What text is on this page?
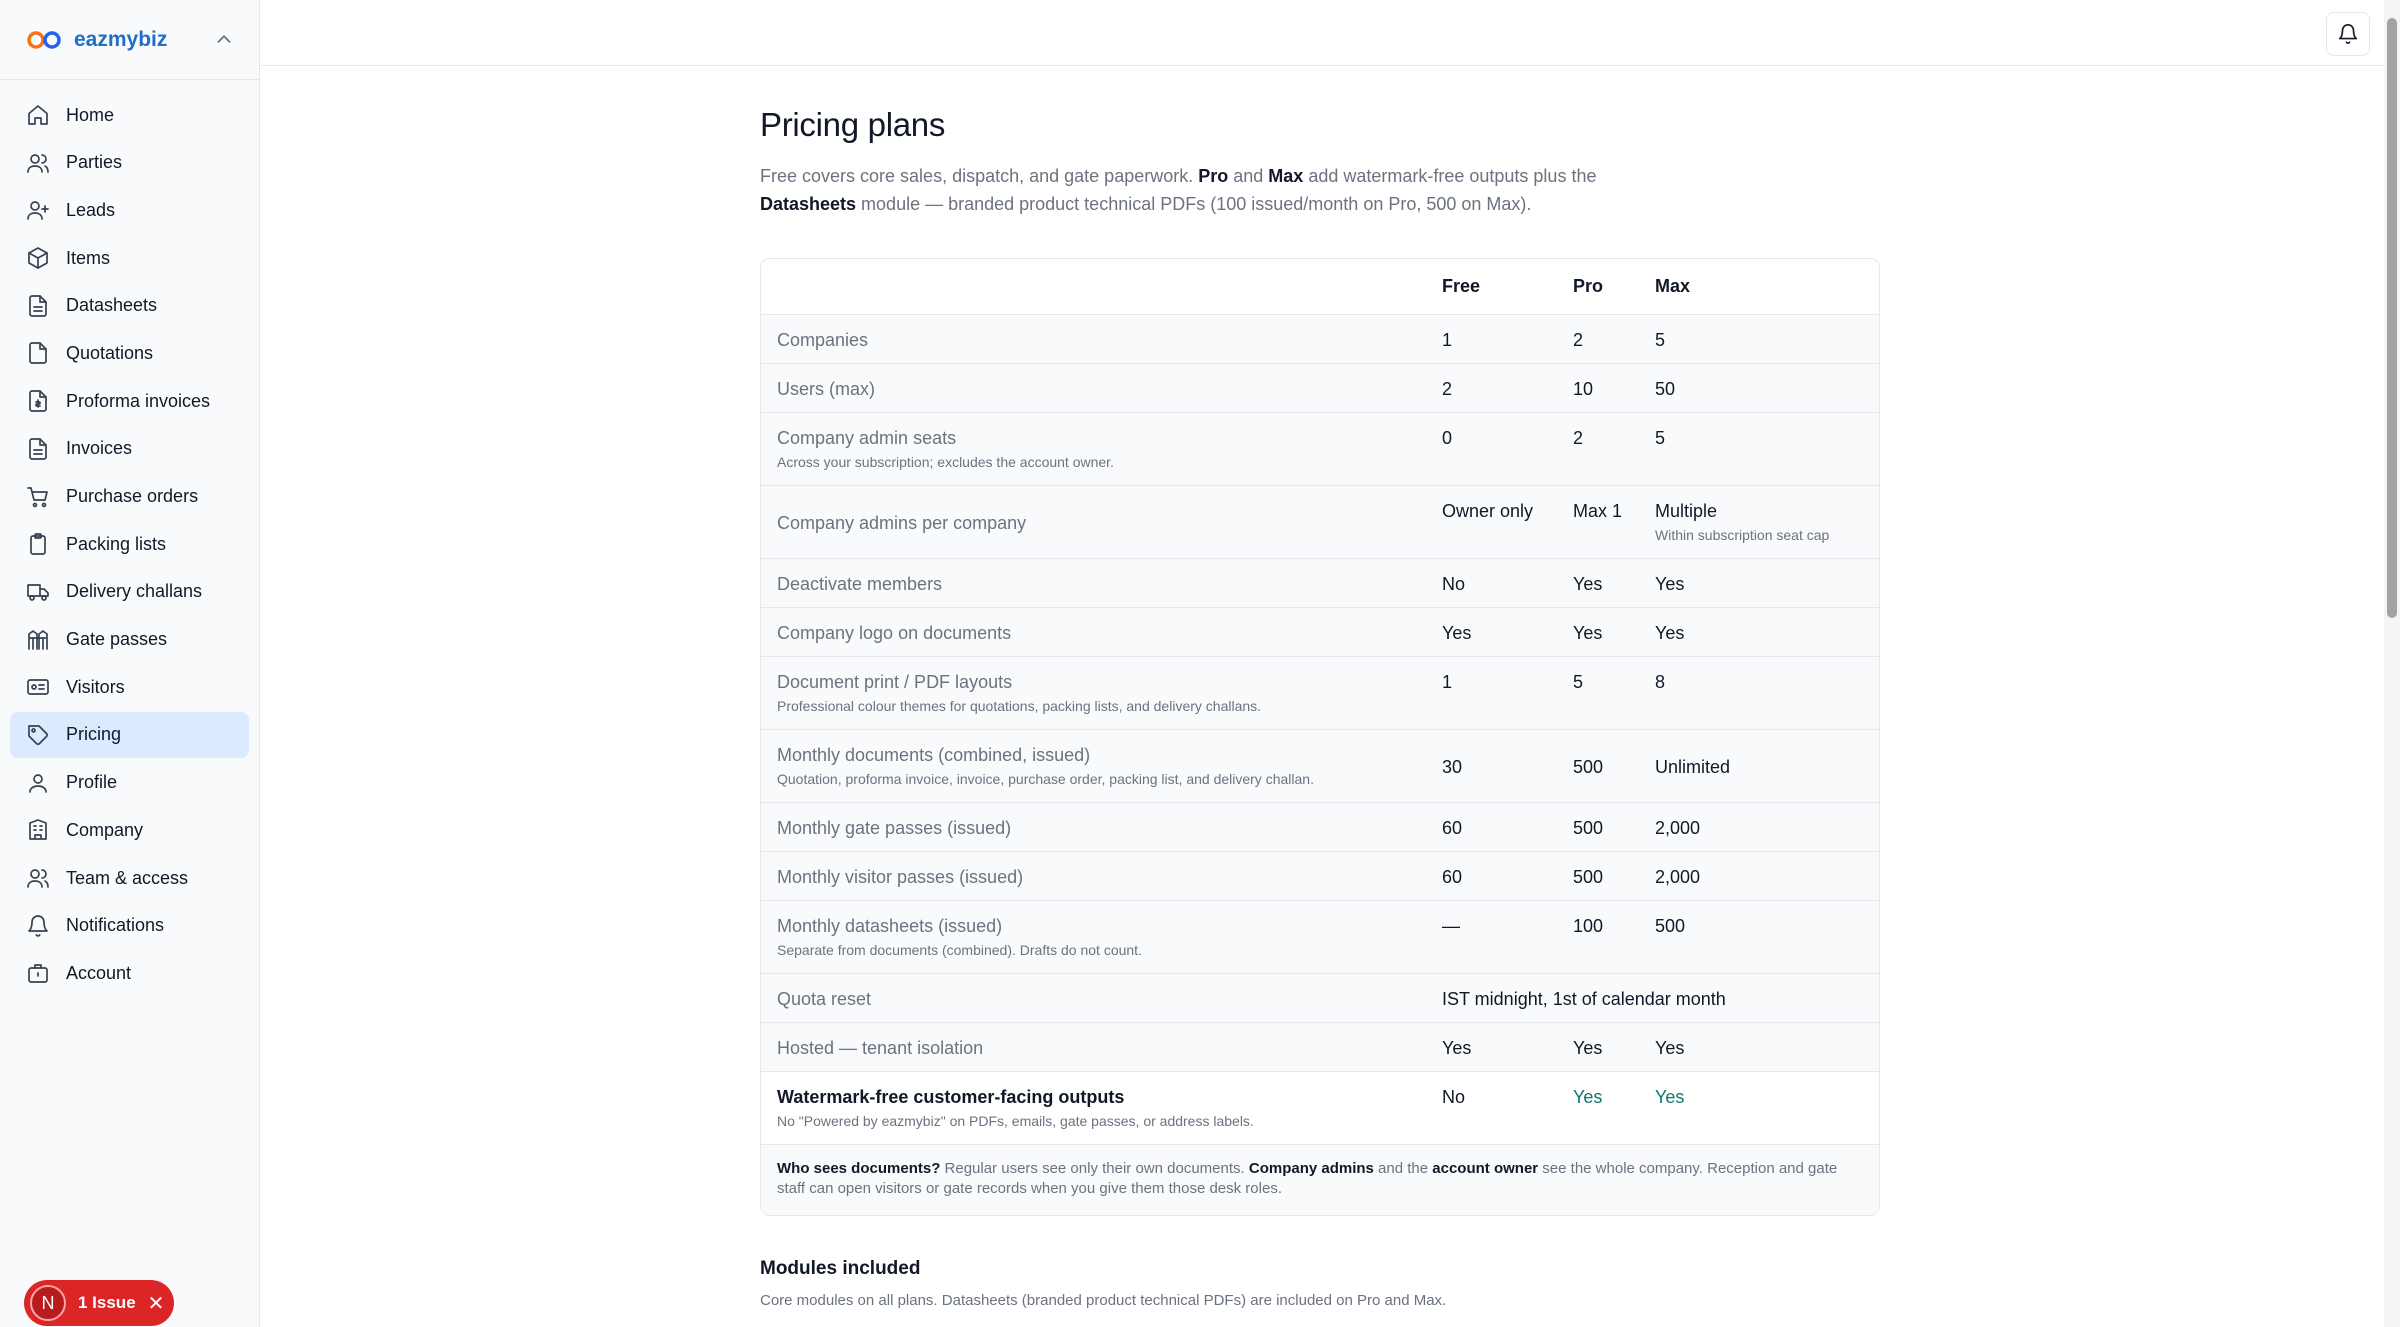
eazmybiz
Home
Parties
Leads
Items
Datasheets
Quotations
Proforma invoices
Invoices
Purchase orders
Packing lists
Delivery challans
Gate passes
Visitors
Pricing
Profile
Company
Team & access
Notifications
Account
N	1 Issue ✕
Pricing plans

Free covers core sales, dispatch, and gate paperwork. Pro and Max add watermark-free outputs plus the Datasheets module — branded product technical PDFs (100 issued/month on Pro, 500 on Max).

	Free	Pro	Max
Companies	1	2	5
Users (max)	2	10	50
Company admin seats
Across your subscription; excludes the account owner.	0	2	5
Company admins per company	Owner only	Max 1	Multiple
Within subscription seat cap

Deactivate members	No	Yes	Yes
Company logo on documents	Yes	Yes	Yes
Document print / PDF layouts
Professional colour themes for quotations, packing lists, and delivery challans.	1	5	8
Monthly documents (combined, issued)
Quotation, proforma invoice, invoice, purchase order, packing list, and delivery challan.	30	500	Unlimited
Monthly gate passes (issued)	60	500	2,000
Monthly visitor passes (issued)	60	500	2,000
Monthly datasheets (issued)
Separate from documents (combined). Drafts do not count.	—	100	500
Quota reset	IST midnight, 1st of calendar month		
Hosted — tenant isolation	Yes	Yes	Yes
Watermark-free customer-facing outputs
No "Powered by eazmybiz" on PDFs, emails, gate passes, or address labels.	No	Yes	Yes
Who sees documents? Regular users see only their own documents. Company admins and the account owner see the whole company. Reception and gate staff can open visitors or gate records when you give them those desk roles.
Modules included

Core modules on all plans. Datasheets (branded product technical PDFs) are included on Pro and Max.
